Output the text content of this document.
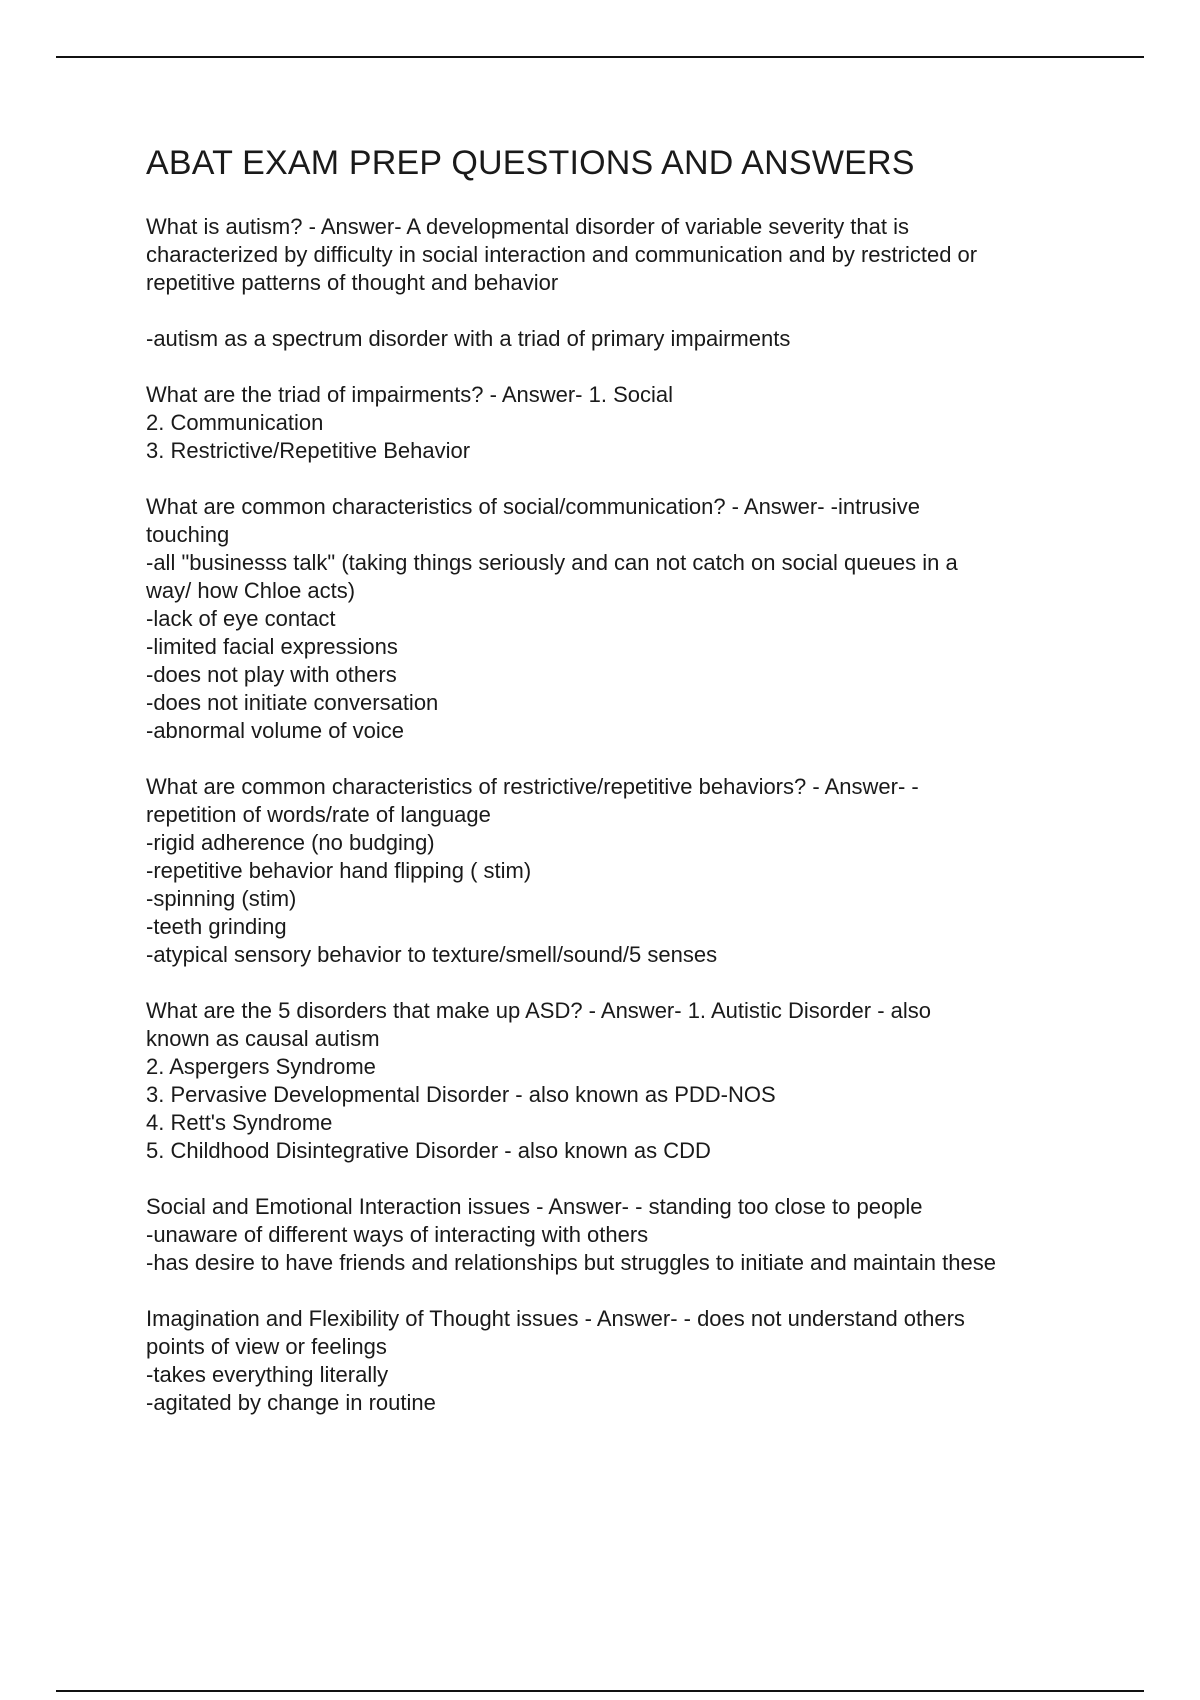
ABAT EXAM PREP QUESTIONS AND ANSWERS
What is autism? - Answer- A developmental disorder of variable severity that is
characterized by difficulty in social interaction and communication and by restricted or
repetitive patterns of thought and behavior
-autism as a spectrum disorder with a triad of primary impairments
What are the triad of impairments? - Answer- 1. Social
2. Communication
3. Restrictive/Repetitive Behavior
What are common characteristics of social/communication? - Answer- -intrusive
touching
-all "businesss talk" (taking things seriously and can not catch on social queues in a
way/ how Chloe acts)
-lack of eye contact
-limited facial expressions
-does not play with others
-does not initiate conversation
-abnormal volume of voice
What are common characteristics of restrictive/repetitive behaviors? - Answer- -
repetition of words/rate of language
-rigid adherence (no budging)
-repetitive behavior hand flipping ( stim)
-spinning (stim)
-teeth grinding
-atypical sensory behavior to texture/smell/sound/5 senses
What are the 5 disorders that make up ASD? - Answer- 1. Autistic Disorder - also
known as causal autism
2. Aspergers Syndrome
3. Pervasive Developmental Disorder - also known as PDD-NOS
4. Rett's Syndrome
5. Childhood Disintegrative Disorder - also known as CDD
Social and Emotional Interaction issues - Answer- - standing too close to people
-unaware of different ways of interacting with others
-has desire to have friends and relationships but struggles to initiate and maintain these
Imagination and Flexibility of Thought issues - Answer- - does not understand others
points of view or feelings
-takes everything literally
-agitated by change in routine
